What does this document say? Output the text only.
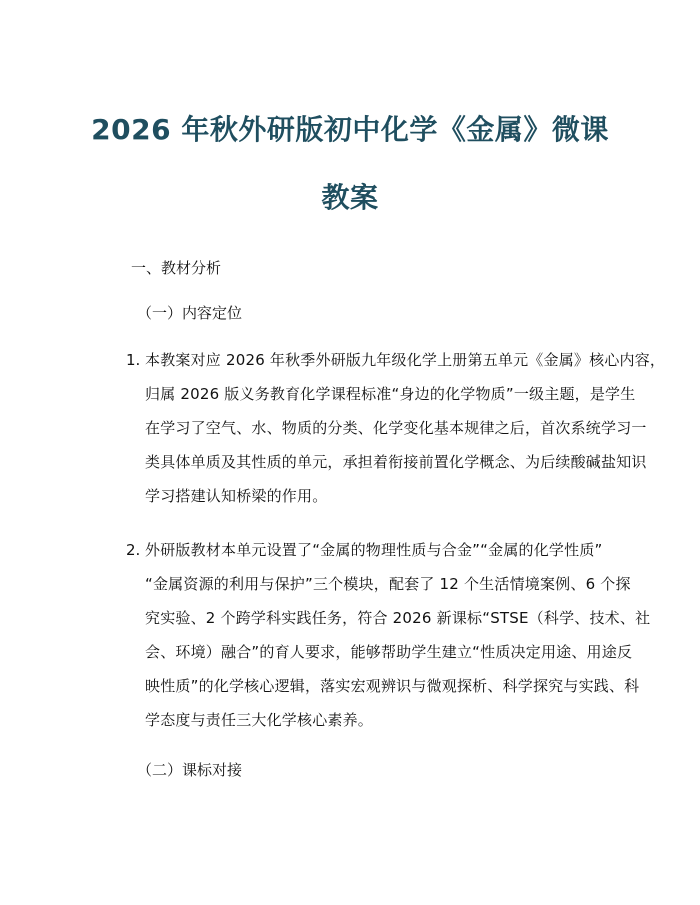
2026 年秋外研版初中化学《金属》微课
教案
一、教材分析
（一）内容定位
1. 本教案对应 2026 年秋季外研版九年级化学上册第五单元《金属》核心内容，
归属 2026 版义务教育化学课程标准“身边的化学物质”一级主题，是学生
在学习了空气、水、物质的分类、化学变化基本规律之后，首次系统学习一
类具体单质及其性质的单元，承担着衔接前置化学概念、为后续酸碱盐知识
学习搭建认知桥梁的作用。
2. 外研版教材本单元设置了“金属的物理性质与合金”“金属的化学性质”
“金属资源的利用与保护”三个模块，配套了 12 个生活情境案例、6 个探
究实验、2 个跨学科实践任务，符合 2026 新课标“STSE（科学、技术、社
会、环境）融合”的育人要求，能够帮助学生建立“性质决定用途、用途反
映性质”的化学核心逻辑，落实宏观辨识与微观探析、科学探究与实践、科
学态度与责任三大化学核心素养。
（二）课标对接
